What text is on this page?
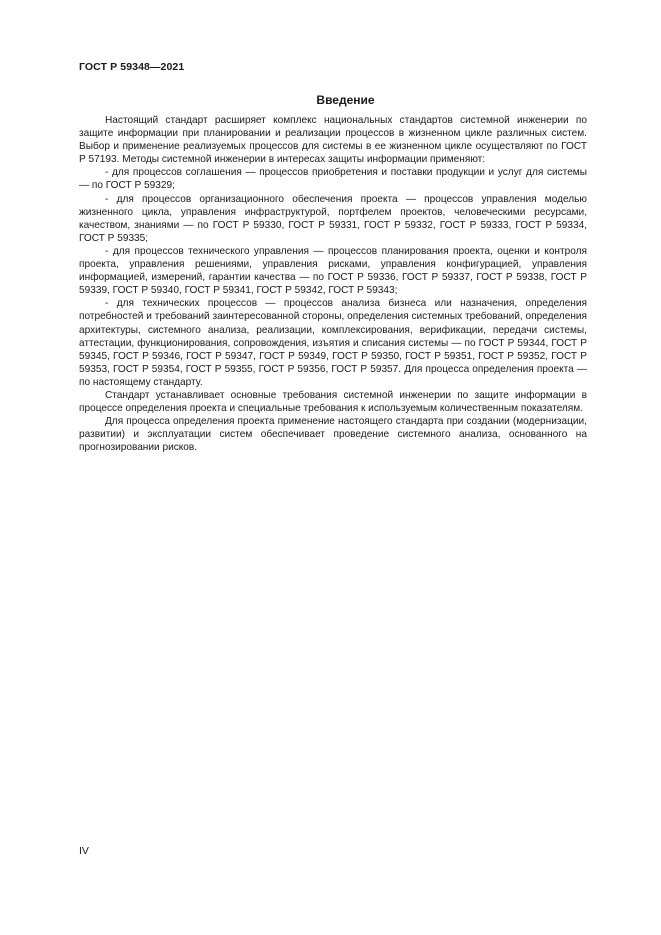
ГОСТ Р 59348—2021
Введение

Настоящий стандарт расширяет комплекс национальных стандартов системной инженерии по защите информации при планировании и реализации процессов в жизненном цикле различных систем. Выбор и применение реализуемых процессов для системы в ее жизненном цикле осуществляют по ГОСТ Р 57193. Методы системной инженерии в интересах защиты информации применяют:

- для процессов соглашения — процессов приобретения и поставки продукции и услуг для системы — по ГОСТ Р 59329;

- для процессов организационного обеспечения проекта — процессов управления моделью жизненного цикла, управления инфраструктурой, портфелем проектов, человеческими ресурсами, качеством, знаниями — по ГОСТ Р 59330, ГОСТ Р 59331, ГОСТ Р 59332, ГОСТ Р 59333, ГОСТ Р 59334, ГОСТ Р 59335;

- для процессов технического управления — процессов планирования проекта, оценки и контроля проекта, управления решениями, управления рисками, управления конфигурацией, управления информацией, измерений, гарантии качества — по ГОСТ Р 59336, ГОСТ Р 59337, ГОСТ Р 59338, ГОСТ Р 59339, ГОСТ Р 59340, ГОСТ Р 59341, ГОСТ Р 59342, ГОСТ Р 59343;

- для технических процессов — процессов анализа бизнеса или назначения, определения потребностей и требований заинтересованной стороны, определения системных требований, определения архитектуры, системного анализа, реализации, комплексирования, верификации, передачи системы, аттестации, функционирования, сопровождения, изъятия и списания системы — по ГОСТ Р 59344, ГОСТ Р 59345, ГОСТ Р 59346, ГОСТ Р 59347, ГОСТ Р 59349, ГОСТ Р 59350, ГОСТ Р 59351, ГОСТ Р 59352, ГОСТ Р 59353, ГОСТ Р 59354, ГОСТ Р 59355, ГОСТ Р 59356, ГОСТ Р 59357. Для процесса определения проекта — по настоящему стандарту.

Стандарт устанавливает основные требования системной инженерии по защите информации в процессе определения проекта и специальные требования к используемым количественным показателям.

Для процесса определения проекта применение настоящего стандарта при создании (модернизации, развитии) и эксплуатации систем обеспечивает проведение системного анализа, основанного на прогнозировании рисков.

IV
